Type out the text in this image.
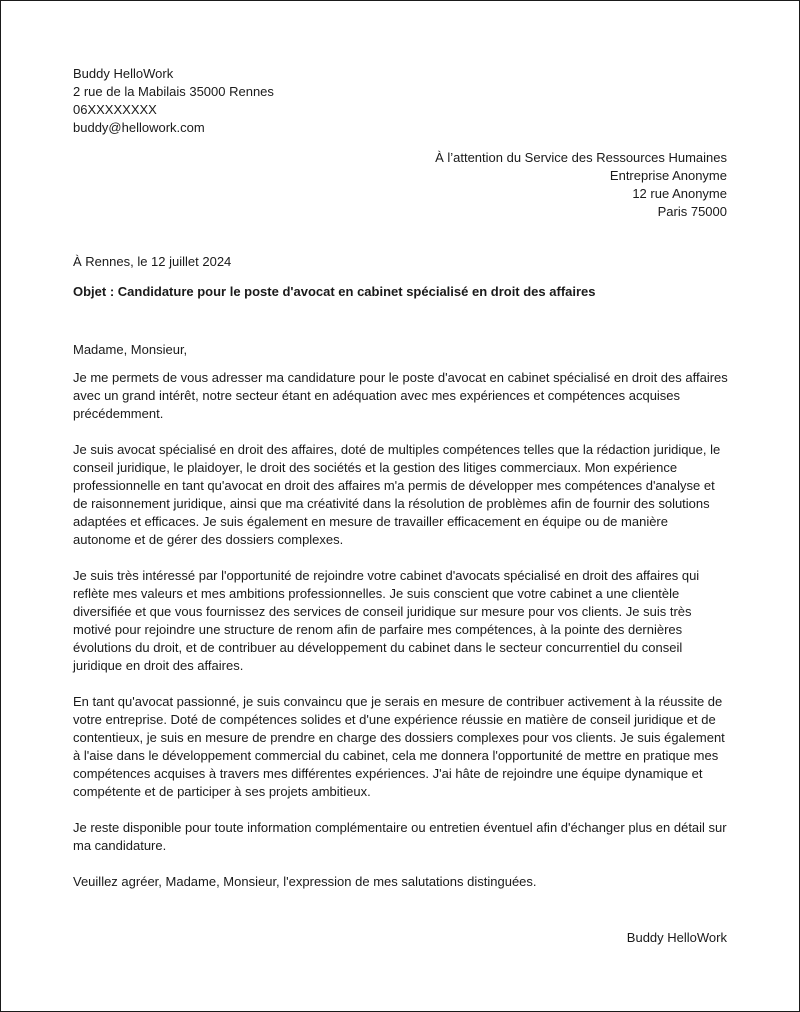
Buddy HelloWork
2 rue de la Mabilais 35000 Rennes
06XXXXXXXX
buddy@hellowork.com
À l’attention du Service des Ressources Humaines
Entreprise Anonyme
12 rue Anonyme
Paris 75000
À Rennes, le 12 juillet 2024
Objet : Candidature pour le poste d'avocat en cabinet spécialisé en droit des affaires

Madame, Monsieur,

Je me permets de vous adresser ma candidature pour le poste d'avocat en cabinet spécialisé en droit des affaires avec un grand intérêt, notre secteur étant en adéquation avec mes expériences et compétences acquises précédemment.

Je suis avocat spécialisé en droit des affaires, doté de multiples compétences telles que la rédaction juridique, le conseil juridique, le plaidoyer, le droit des sociétés et la gestion des litiges commerciaux. Mon expérience professionnelle en tant qu'avocat en droit des affaires m'a permis de développer mes compétences d'analyse et de raisonnement juridique, ainsi que ma créativité dans la résolution de problèmes afin de fournir des solutions adaptées et efficaces. Je suis également en mesure de travailler efficacement en équipe ou de manière autonome et de gérer des dossiers complexes.

Je suis très intéressé par l'opportunité de rejoindre votre cabinet d'avocats spécialisé en droit des affaires qui reflète mes valeurs et mes ambitions professionnelles. Je suis conscient que votre cabinet a une clientèle diversifiée et que vous fournissez des services de conseil juridique sur mesure pour vos clients. Je suis très motivé pour rejoindre une structure de renom afin de parfaire mes compétences, à la pointe des dernières évolutions du droit, et de contribuer au développement du cabinet dans le secteur concurrentiel du conseil juridique en droit des affaires.

En tant qu'avocat passionné, je suis convaincu que je serais en mesure de contribuer activement à la réussite de votre entreprise. Doté de compétences solides et d'une expérience réussie en matière de conseil juridique et de contentieux, je suis en mesure de prendre en charge des dossiers complexes pour vos clients. Je suis également à l'aise dans le développement commercial du cabinet, cela me donnera l'opportunité de mettre en pratique mes compétences acquises à travers mes différentes expériences. J'ai hâte de rejoindre une équipe dynamique et compétente et de participer à ses projets ambitieux.

Je reste disponible pour toute information complémentaire ou entretien éventuel afin d'échanger plus en détail sur ma candidature.

Veuillez agréer, Madame, Monsieur, l'expression de mes salutations distinguées.

Buddy HelloWork
